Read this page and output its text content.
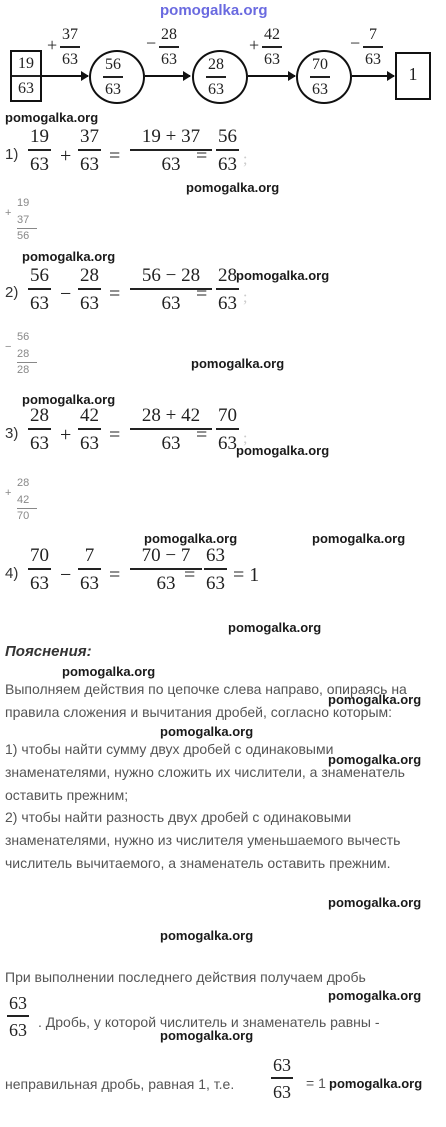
pomogalka.org
19
63
+
37
63 56
63
− 28
63 28
63
+
42
63 70
63
− 7
63
1
pomogalka.org
1)
19
63 +
37
63 =
19 + 37
63 =
56
63 ;
pomogalka.org
+
19
37
56
pomogalka.org
2)
56
63 −
28
63 =
56 − 28
63 =
28
63 ;
pomogalka.org
−
56
28
28	pomogalka.org
pomogalka.org
3)
28
63 +
42
63 =
28 + 42
63 =
70
63 ;
pomogalka.org
+
28
42
70
pomogalka.org	pomogalka.org
4)
70
63 −
7
63 =
70 − 7
63 =
63
63 = 1
pomogalka.org
Пояснения:
pomogalka.org
Выполняем действия по цепочке слева направо, опираясь на правила сложения и вычитания дробей, согласно которым:
pomogalka.org
pomogalka.org
1) чтобы найти сумму двух дробей с одинаковыми знаменателями, нужно сложить их числители, а знаменатель оставить прежним;
pomogalka.org
2) чтобы найти разность двух дробей с одинаковыми знаменателями, нужно из числителя уменьшаемого вычесть числитель вычитаемого, а знаменатель оставить прежним.
pomogalka.org
pomogalka.org
При выполнении последнего действия получаем дробь
pomogalka.org
63
63 . Дробь, у которой числитель и знаменатель равны -
pomogalka.org
неправильная дробь, равная 1, т.е.
63
63 = 1 pomogalka.org
